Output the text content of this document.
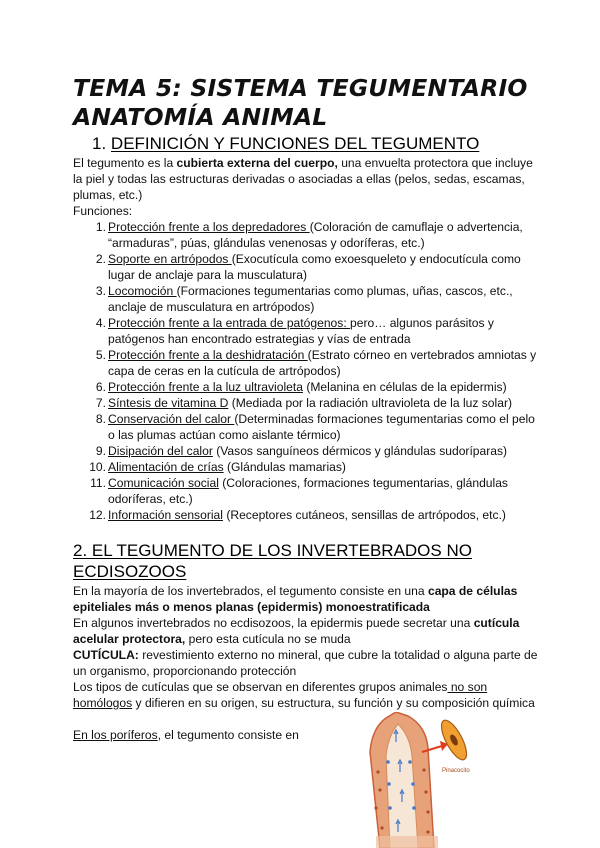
TEMA 5: SISTEMA TEGUMENTARIO
ANATOMÍA ANIMAL
1. DEFINICIÓN Y FUNCIONES DEL TEGUMENTO

El tegumento es la cubierta externa del cuerpo, una envuelta protectora que incluye la piel y todas las estructuras derivadas o asociadas a ellas (pelos, sedas, escamas, plumas, etc.)

Funciones:

1. Protección frente a los depredadores (Coloración de camuflaje o advertencia, “armaduras”, púas, glándulas venenosas y odoríferas, etc.)
2. Soporte en artrópodos (Exocutícula como exoesqueleto y endocutícula como lugar de anclaje para la musculatura)
3. Locomoción (Formaciones tegumentarias como plumas, uñas, cascos, etc., anclaje de musculatura en artrópodos)
4. Protección frente a la entrada de patógenos: pero… algunos parásitos y patógenos han encontrado estrategias y vías de entrada
5. Protección frente a la deshidratación (Estrato córneo en vertebrados amniotas y capa de ceras en la cutícula de artrópodos)
6. Protección frente a la luz ultravioleta (Melanina en células de la epidermis)
7. Síntesis de vitamina D (Mediada por la radiación ultravioleta de la luz solar)
8. Conservación del calor (Determinadas formaciones tegumentarias como el pelo o las plumas actúan como aislante térmico)
9. Disipación del calor (Vasos sanguíneos dérmicos y glándulas sudoríparas)
10. Alimentación de crías (Glándulas mamarias)
11. Comunicación social (Coloraciones, formaciones tegumentarias, glándulas odoríferas, etc.)
12. Información sensorial (Receptores cutáneos, sensillas de artrópodos, etc.)
2. EL TEGUMENTO DE LOS INVERTEBRADOS NO ECDISOZOOS

En la mayoría de los invertebrados, el tegumento consiste en una capa de células epiteliales más o menos planas (epidermis) monoestratificada

En algunos invertebrados no ecdisozoos, la epidermis puede secretar una cutícula acelular protectora, pero esta cutícula no se muda

CUTÍCULA: revestimiento externo no mineral, que cubre la totalidad o alguna parte de un organismo, proporcionando protección

Los tipos de cutículas que se observan en diferentes grupos animales no son homólogos y difieren en su origen, su estructura, su función y su composición química

En los poríferos, el tegumento consiste en

Pinacocito
